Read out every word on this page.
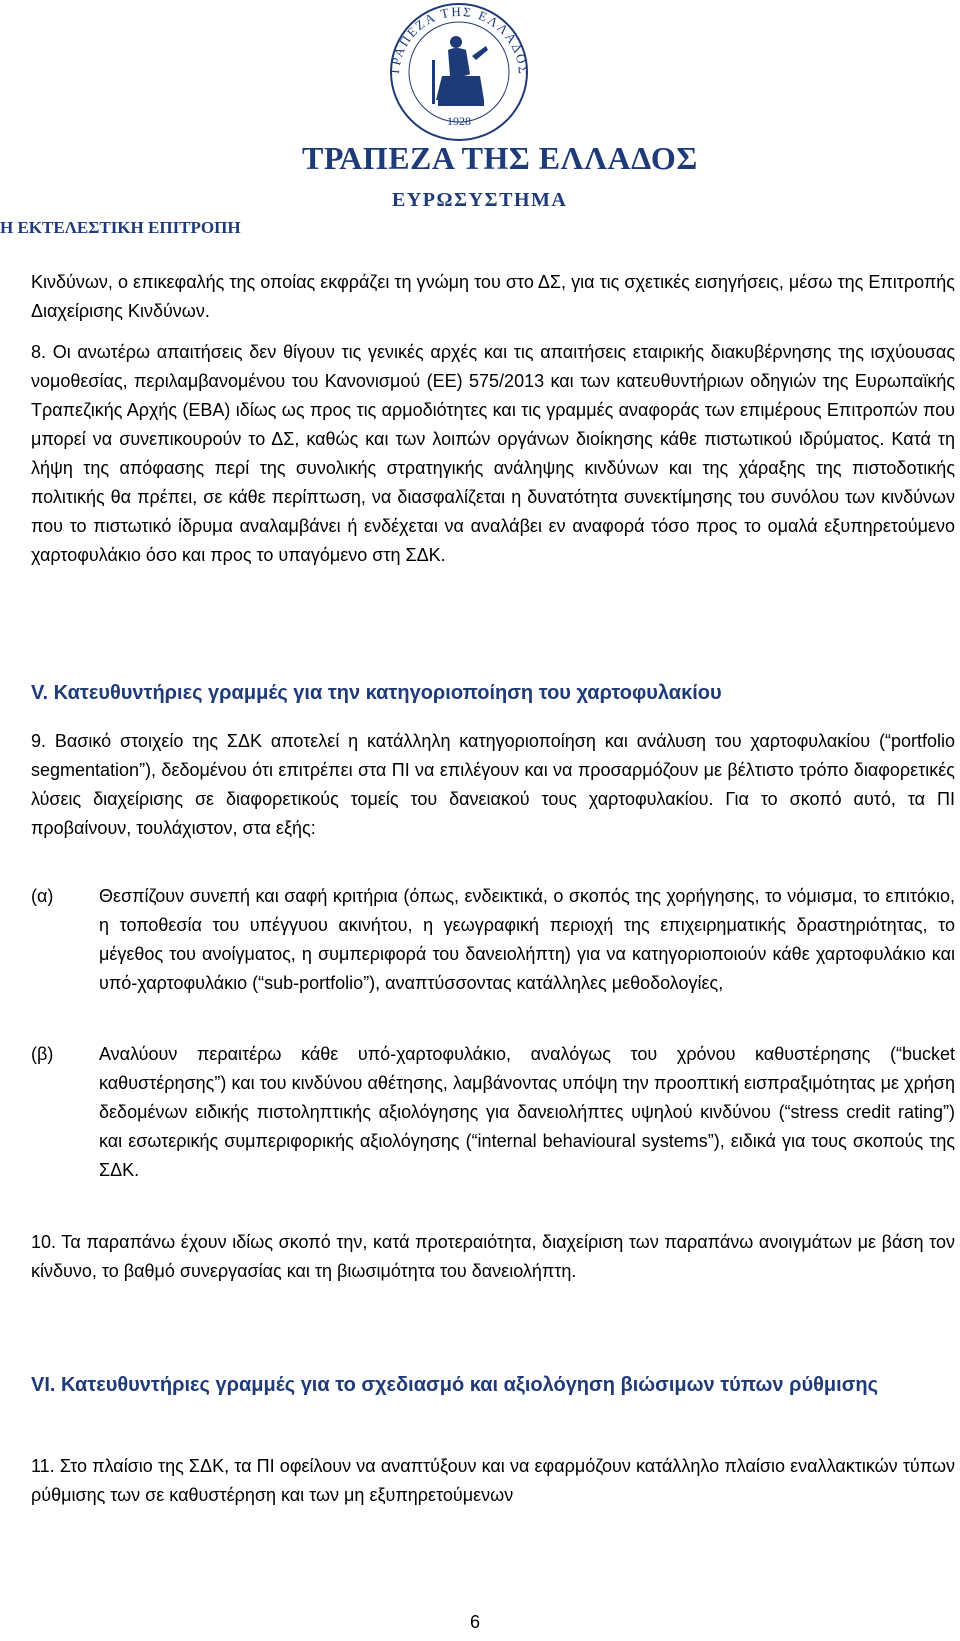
ΤΡΑΠΕΖΑ ΤΗΣ ΕΛΛΑΔΟΣ
1928
ΤΡΑΠΕΖΑ ΤΗΣ ΕΛΛΑΔΟΣ
ΕΥΡΩΣΥΣΤΗΜΑ
Η ΕΚΤΕΛΕΣΤΙΚΗ ΕΠΙΤΡΟΠΗ

Κινδύνων, ο επικεφαλής της οποίας εκφράζει τη γνώμη του στο ΔΣ, για τις σχετικές εισηγήσεις, μέσω της Επιτροπής Διαχείρισης Κινδύνων.

8. Οι ανωτέρω απαιτήσεις δεν θίγουν τις γενικές αρχές και τις απαιτήσεις εταιρικής διακυβέρνησης της ισχύουσας νομοθεσίας, περιλαμβανομένου του Κανονισμού (ΕΕ) 575/2013 και των κατευθυντήριων οδηγιών της Ευρωπαϊκής Τραπεζικής Αρχής (ΕΒΑ) ιδίως ως προς τις αρμοδιότητες και τις γραμμές αναφοράς των επιμέρους Επιτροπών που μπορεί να συνεπικουρούν το ΔΣ, καθώς και των λοιπών οργάνων διοίκησης κάθε πιστωτικού ιδρύματος. Κατά τη λήψη της απόφασης περί της συνολικής στρατηγικής ανάληψης κινδύνων και της χάραξης της πιστοδοτικής πολιτικής θα πρέπει, σε κάθε περίπτωση, να διασφαλίζεται η δυνατότητα συνεκτίμησης του συνόλου των κινδύνων που το πιστωτικό ίδρυμα αναλαμβάνει ή ενδέχεται να αναλάβει εν αναφορά τόσο προς το ομαλά εξυπηρετούμενο χαρτοφυλάκιο όσο και προς το υπαγόμενο στη ΣΔΚ.

V. Κατευθυντήριες γραμμές για την κατηγοριοποίηση του χαρτοφυλακίου

9. Βασικό στοιχείο της ΣΔΚ αποτελεί η κατάλληλη κατηγοριοποίηση και ανάλυση του χαρτοφυλακίου (“portfolio segmentation”), δεδομένου ότι επιτρέπει στα ΠΙ να επιλέγουν και να προσαρμόζουν με βέλτιστο τρόπο διαφορετικές λύσεις διαχείρισης σε διαφορετικούς τομείς του δανειακού τους χαρτοφυλακίου. Για το σκοπό αυτό, τα ΠΙ προβαίνουν, τουλάχιστον, στα εξής:

(α)	Θεσπίζουν συνεπή και σαφή κριτήρια (όπως, ενδεικτικά, ο σκοπός της χορήγησης, το νόμισμα, το επιτόκιο, η τοποθεσία του υπέγγυου ακινήτου, η γεωγραφική περιοχή της επιχειρηματικής δραστηριότητας, το μέγεθος του ανοίγματος, η συμπεριφορά του δανειολήπτη) για να κατηγοριοποιούν κάθε χαρτοφυλάκιο και υπό-χαρτοφυλάκιο (“sub-portfolio”), αναπτύσσοντας κατάλληλες μεθοδολογίες,

(β)	Αναλύουν περαιτέρω κάθε υπό-χαρτοφυλάκιο, αναλόγως του χρόνου καθυστέρησης (“bucket καθυστέρησης”) και του κινδύνου αθέτησης, λαμβάνοντας υπόψη την προοπτική εισπραξιμότητας με χρήση δεδομένων ειδικής πιστοληπτικής αξιολόγησης για δανειολήπτες υψηλού κινδύνου (“stress credit rating”) και εσωτερικής συμπεριφορικής αξιολόγησης (“internal behavioural systems”), ειδικά για τους σκοπούς της ΣΔΚ.

10. Τα παραπάνω έχουν ιδίως σκοπό την, κατά προτεραιότητα, διαχείριση των παραπάνω ανοιγμάτων με βάση τον κίνδυνο, το βαθμό συνεργασίας και τη βιωσιμότητα του δανειολήπτη.

VI. Κατευθυντήριες γραμμές για το σχεδιασμό και αξιολόγηση βιώσιμων τύπων ρύθμισης

11. Στο πλαίσιο της ΣΔΚ, τα ΠΙ οφείλουν να αναπτύξουν και να εφαρμόζουν κατάλληλο πλαίσιο εναλλακτικών τύπων ρύθμισης των σε καθυστέρηση και των μη εξυπηρετούμενων

6
